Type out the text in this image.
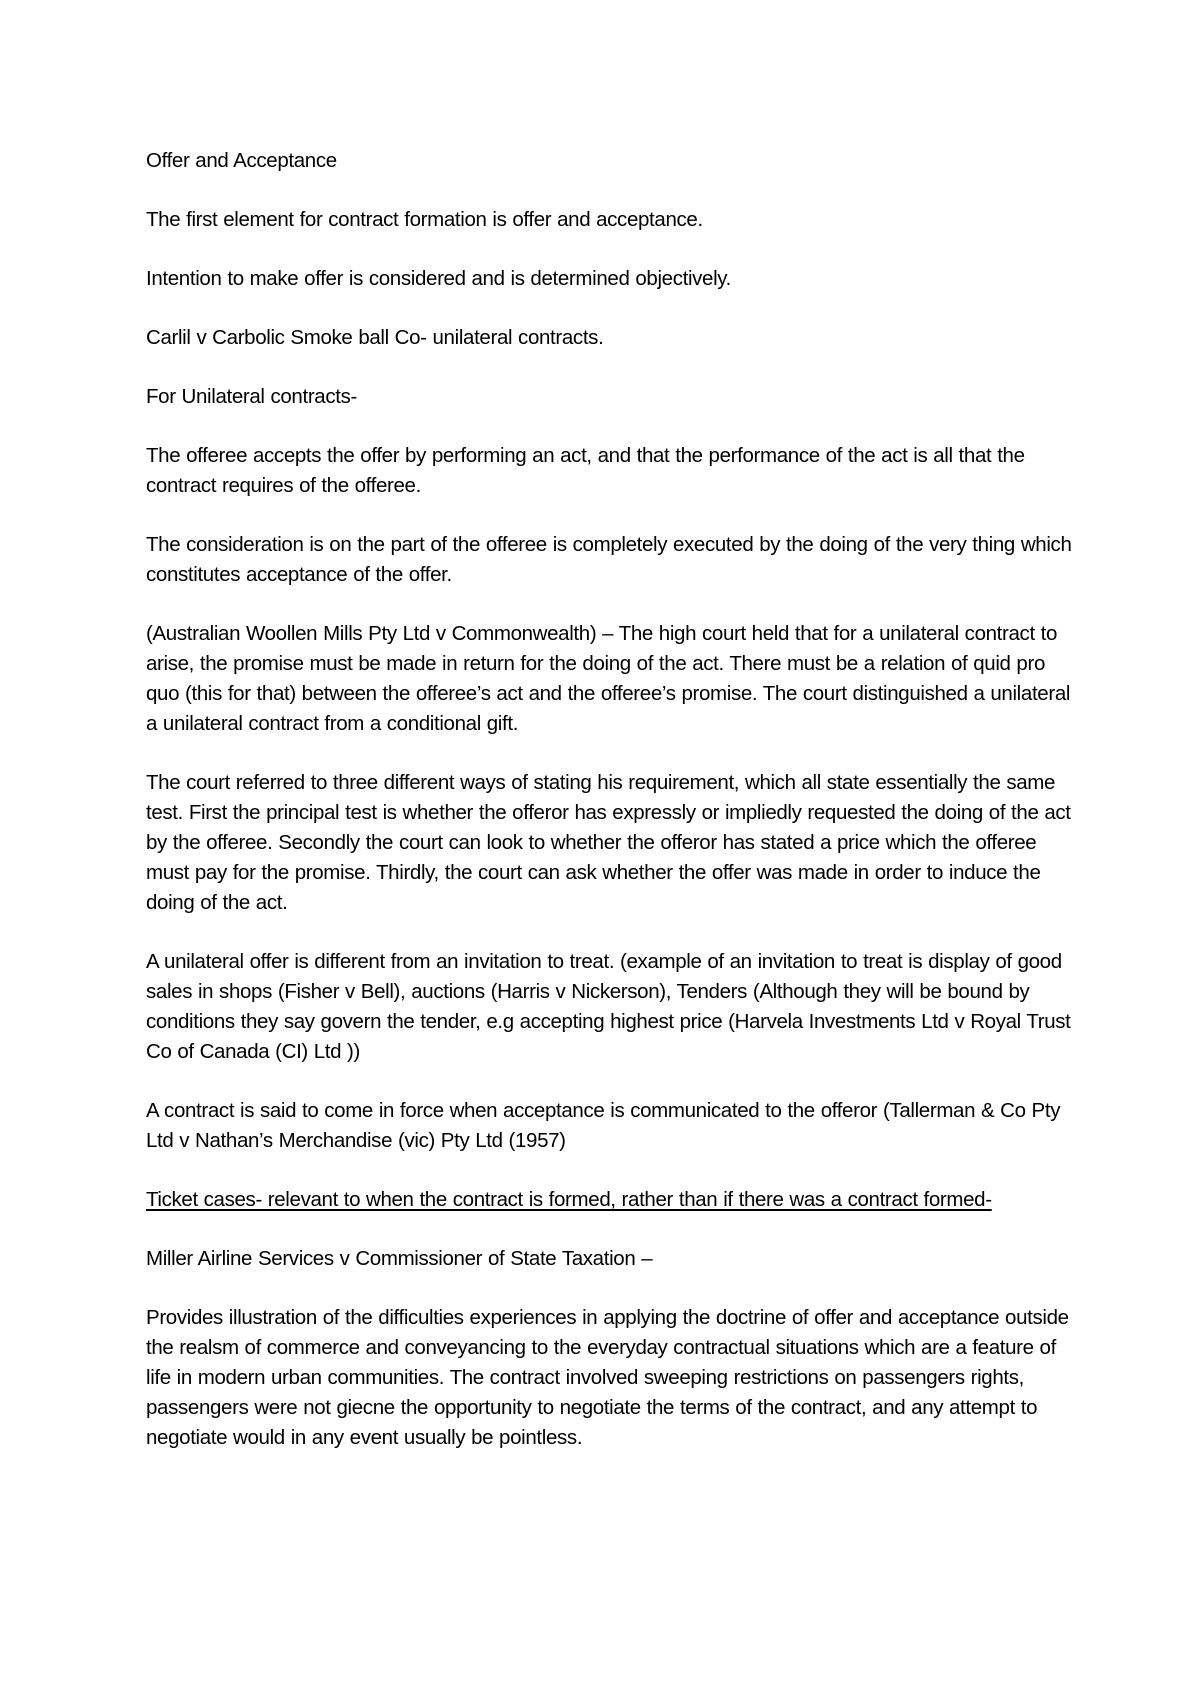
Offer and Acceptance

The first element for contract formation is offer and acceptance.

Intention to make offer is considered and is determined objectively.

Carlil v Carbolic Smoke ball Co- unilateral contracts.

For Unilateral contracts-

The offeree accepts the offer by performing an act, and that the performance of the act is all that the contract requires of the offeree.

The consideration is on the part of the offeree is completely executed by the doing of the very thing which constitutes acceptance of the offer.

(Australian Woollen Mills Pty Ltd v Commonwealth) – The high court held that for a unilateral contract to arise, the promise must be made in return for the doing of the act. There must be a relation of quid pro quo (this for that) between the offeree’s act and the offeree’s promise. The court distinguished a unilateral a unilateral contract from a conditional gift.

The court referred to three different ways of stating his requirement, which all state essentially the same test. First the principal test is whether the offeror has expressly or impliedly requested the doing of the act by the offeree. Secondly the court can look to whether the offeror has stated a price which the offeree must pay for the promise. Thirdly, the court can ask whether the offer was made in order to induce the doing of the act.

A unilateral offer is different from an invitation to treat. (example of an invitation to treat is display of good sales in shops (Fisher v Bell), auctions (Harris v Nickerson), Tenders (Although they will be bound by conditions they say govern the tender, e.g accepting highest price (Harvela Investments Ltd v Royal Trust Co of Canada (CI) Ltd ))

A contract is said to come in force when acceptance is communicated to the offeror (Tallerman & Co Pty Ltd v Nathan’s Merchandise (vic) Pty Ltd (1957)

Ticket cases- relevant to when the contract is formed, rather than if there was a contract formed-

Miller Airline Services v Commissioner of State Taxation –

Provides illustration of the difficulties experiences in applying the doctrine of offer and acceptance outside the realsm of commerce and conveyancing to the everyday contractual situations which are a feature of life in modern urban communities. The contract involved sweeping restrictions on passengers rights, passengers were not giecne the opportunity to negotiate the terms of the contract, and any attempt to negotiate would in any event usually be pointless.
